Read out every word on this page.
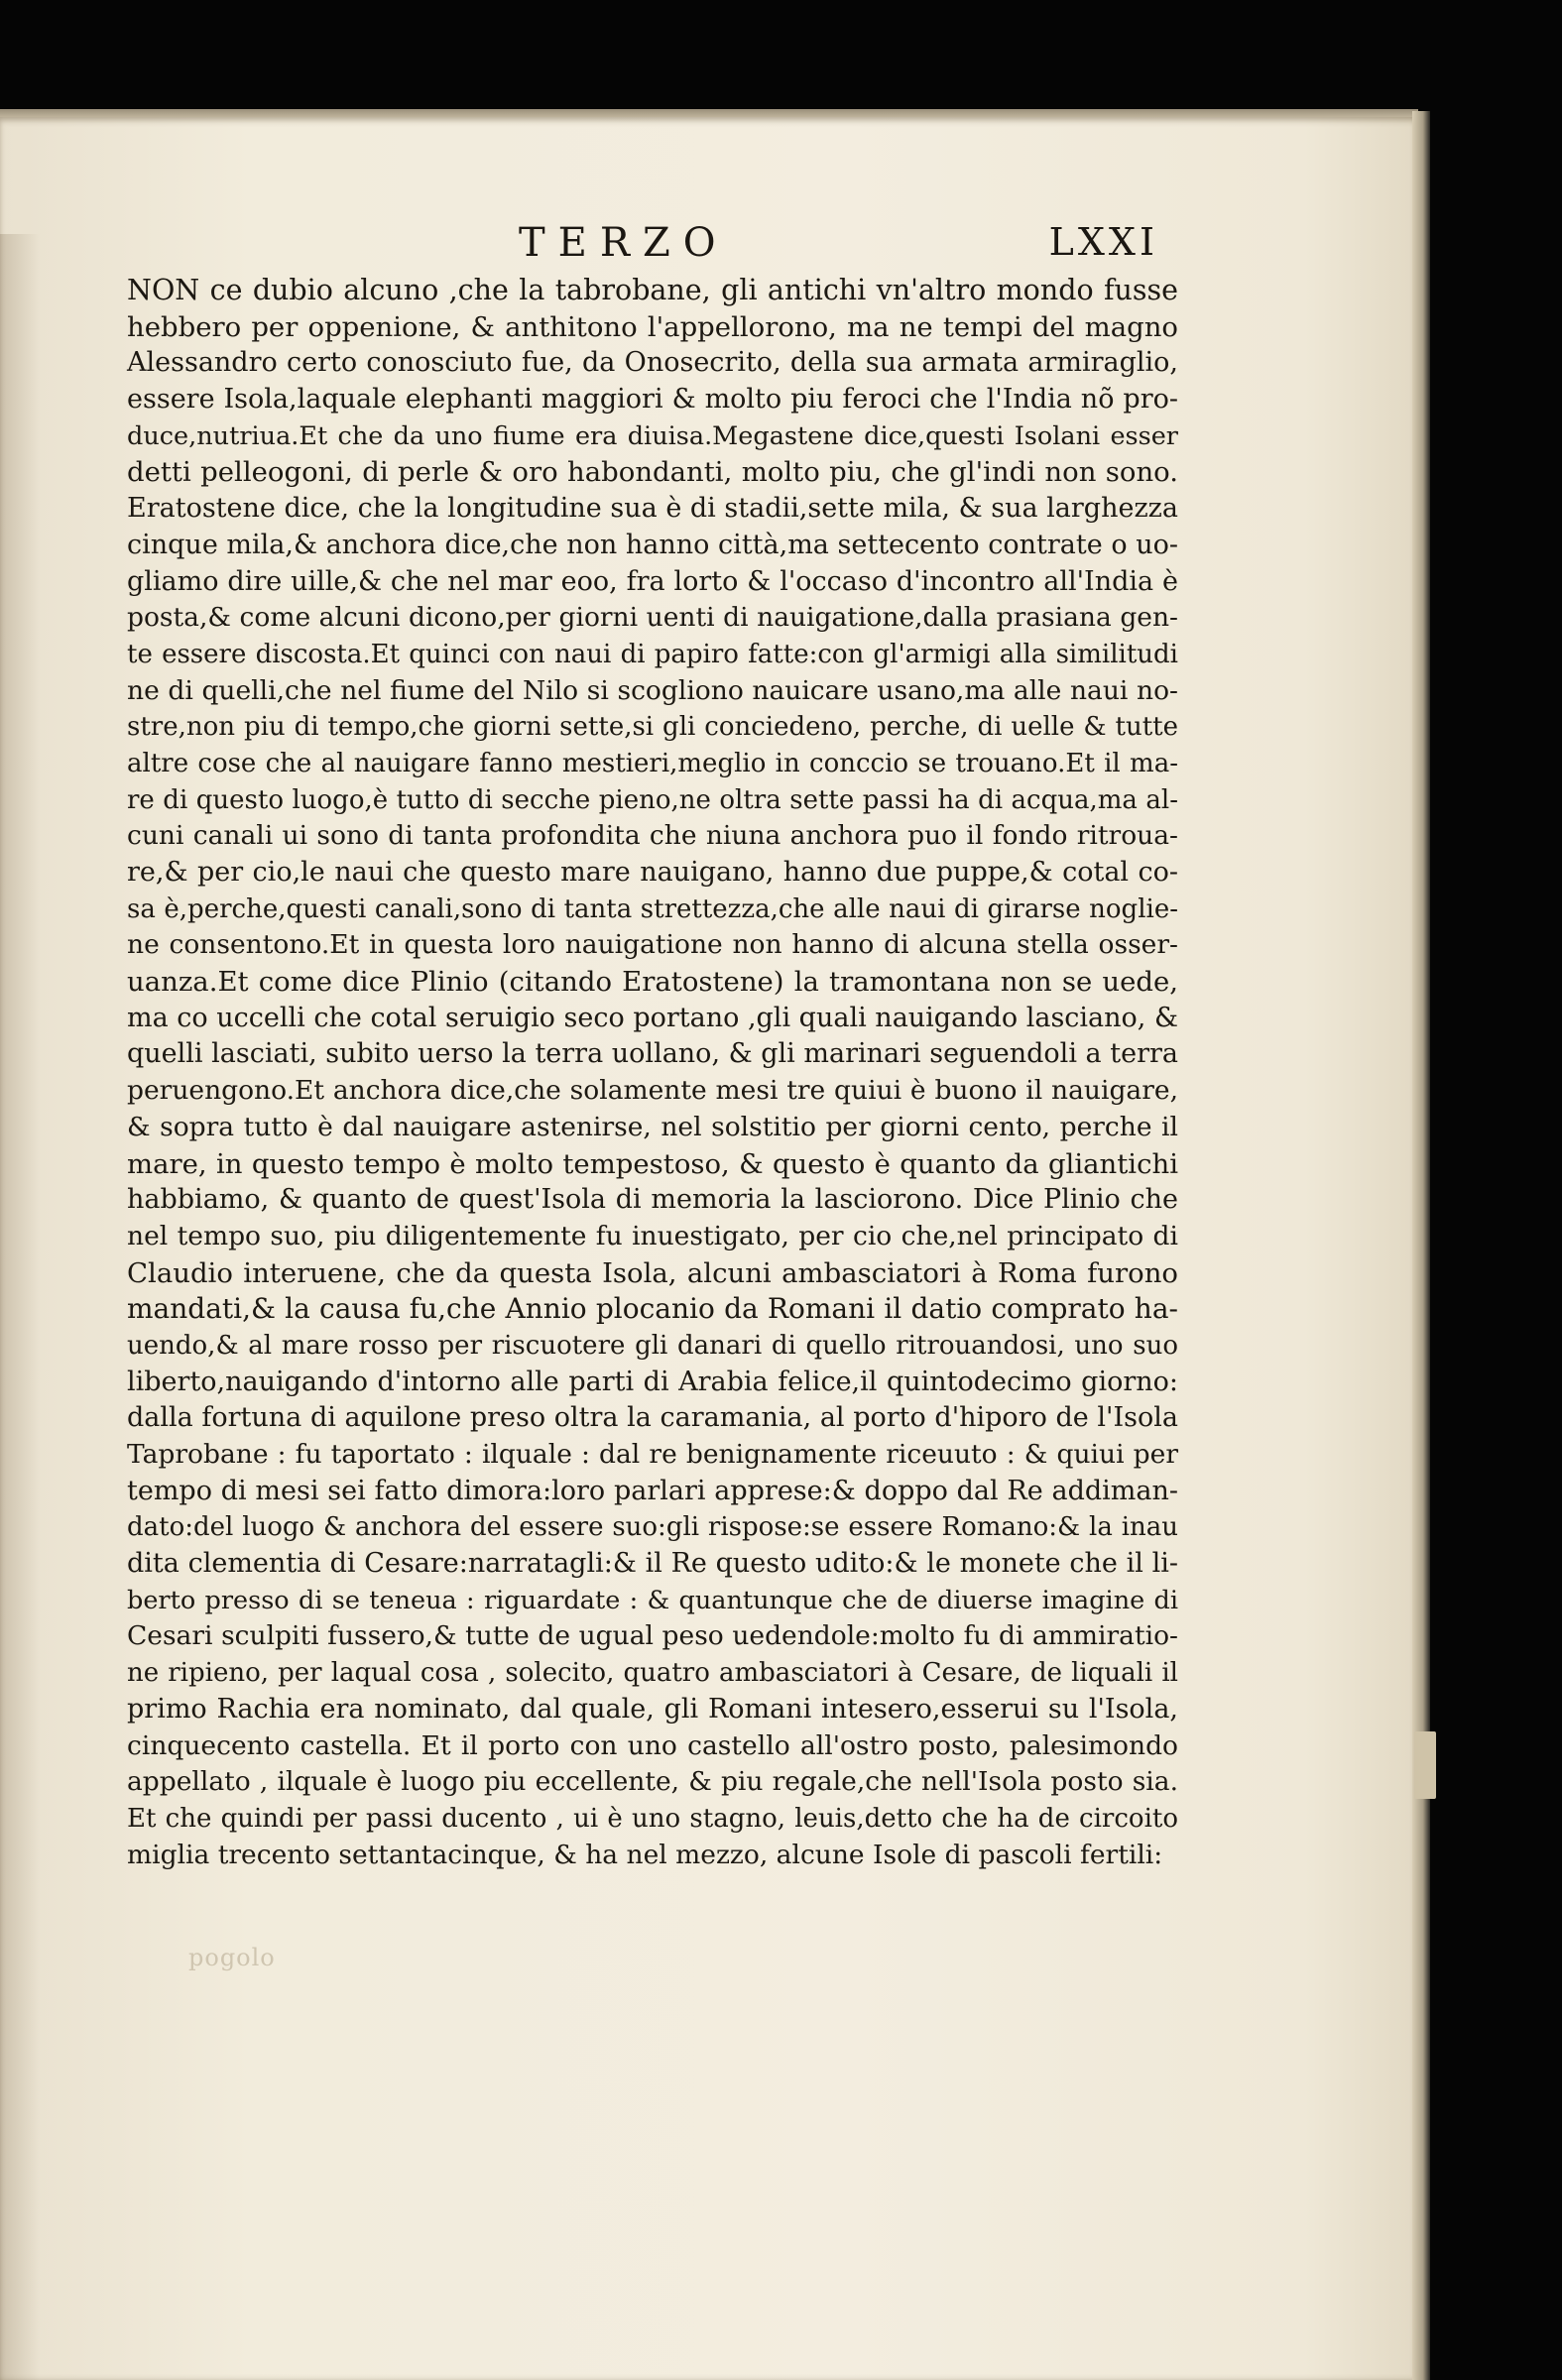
TERZO	LXXI
NON ce dubio alcuno ,che la tabrobane, gli antichi vn'altro mondo fusse
hebbero per oppenione, & anthitono l'appellorono, ma ne tempi del magno
Alessandro certo conosciuto fue, da Onosecrito, della sua armata armiraglio,
essere Isola,laquale elephanti maggiori & molto piu feroci che l'India nõ pro-
duce,nutriua.Et che da uno fiume era diuisa.Megastene dice,questi Isolani esser
detti pelleogoni, di perle & oro habondanti, molto piu, che gl'indi non sono.
Eratostene dice, che la longitudine sua è di stadii,sette mila, & sua larghezza
cinque mila,& anchora dice,che non hanno città,ma settecento contrate o uo-
gliamo dire uille,& che nel mar eoo, fra lorto & l'occaso d'incontro all'India è
posta,& come alcuni dicono,per giorni uenti di nauigatione,dalla prasiana gen-
te essere discosta.Et quinci con naui di papiro fatte:con gl'armigi alla similitudi
ne di quelli,che nel fiume del Nilo si scogliono nauicare usano,ma alle naui no-
stre,non piu di tempo,che giorni sette,si gli conciedeno, perche, di uelle & tutte
altre cose che al nauigare fanno mestieri,meglio in conccio se trouano.Et il ma-
re di questo luogo,è tutto di secche pieno,ne oltra sette passi ha di acqua,ma al-
cuni canali ui sono di tanta profondita che niuna anchora puo il fondo ritroua-
re,& per cio,le naui che questo mare nauigano, hanno due puppe,& cotal co-
sa è,perche,questi canali,sono di tanta strettezza,che alle naui di girarse noglie-
ne consentono.Et in questa loro nauigatione non hanno di alcuna stella osser-
uanza.Et come dice Plinio (citando Eratostene) la tramontana non se uede,
ma co uccelli che cotal seruigio seco portano ,gli quali nauigando lasciano, &
quelli lasciati, subito uerso la terra uollano, & gli marinari seguendoli a terra
peruengono.Et anchora dice,che solamente mesi tre quiui è buono il nauigare,
& sopra tutto è dal nauigare astenirse, nel solstitio per giorni cento, perche il
mare, in questo tempo è molto tempestoso, & questo è quanto da gliantichi
habbiamo, & quanto de quest'Isola di memoria la lasciorono. Dice Plinio che
nel tempo suo, piu diligentemente fu inuestigato, per cio che,nel principato di
Claudio interuene, che da questa Isola, alcuni ambasciatori à Roma furono
mandati,& la causa fu,che Annio plocanio da Romani il datio comprato ha-
uendo,& al mare rosso per riscuotere gli danari di quello ritrouandosi, uno suo
liberto,nauigando d'intorno alle parti di Arabia felice,il quintodecimo giorno:
dalla fortuna di aquilone preso oltra la caramania, al porto d'hiporo de l'Isola
Taprobane : fu taportato : ilquale : dal re benignamente riceuuto : & quiui per
tempo di mesi sei fatto dimora:loro parlari apprese:& doppo dal Re addiman-
dato:del luogo & anchora del essere suo:gli rispose:se essere Romano:& la inau
dita clementia di Cesare:narratagli:& il Re questo udito:& le monete che il li-
berto presso di se teneua : riguardate : & quantunque che de diuerse imagine di
Cesari sculpiti fussero,& tutte de ugual peso uedendole:molto fu di ammiratio-
ne ripieno, per laqual cosa , solecito, quatro ambasciatori à Cesare, de liquali il
primo Rachia era nominato, dal quale, gli Romani intesero,esserui su l'Isola,
cinquecento castella. Et il porto con uno castello all'ostro posto, palesimondo
appellato , ilquale è luogo piu eccellente, & piu regale,che nell'Isola posto sia.
Et che quindi per passi ducento , ui è uno stagno, leuis,detto che ha de circoito
miglia trecento settantacinque, & ha nel mezzo, alcune Isole di pascoli fertili:
pogolo
